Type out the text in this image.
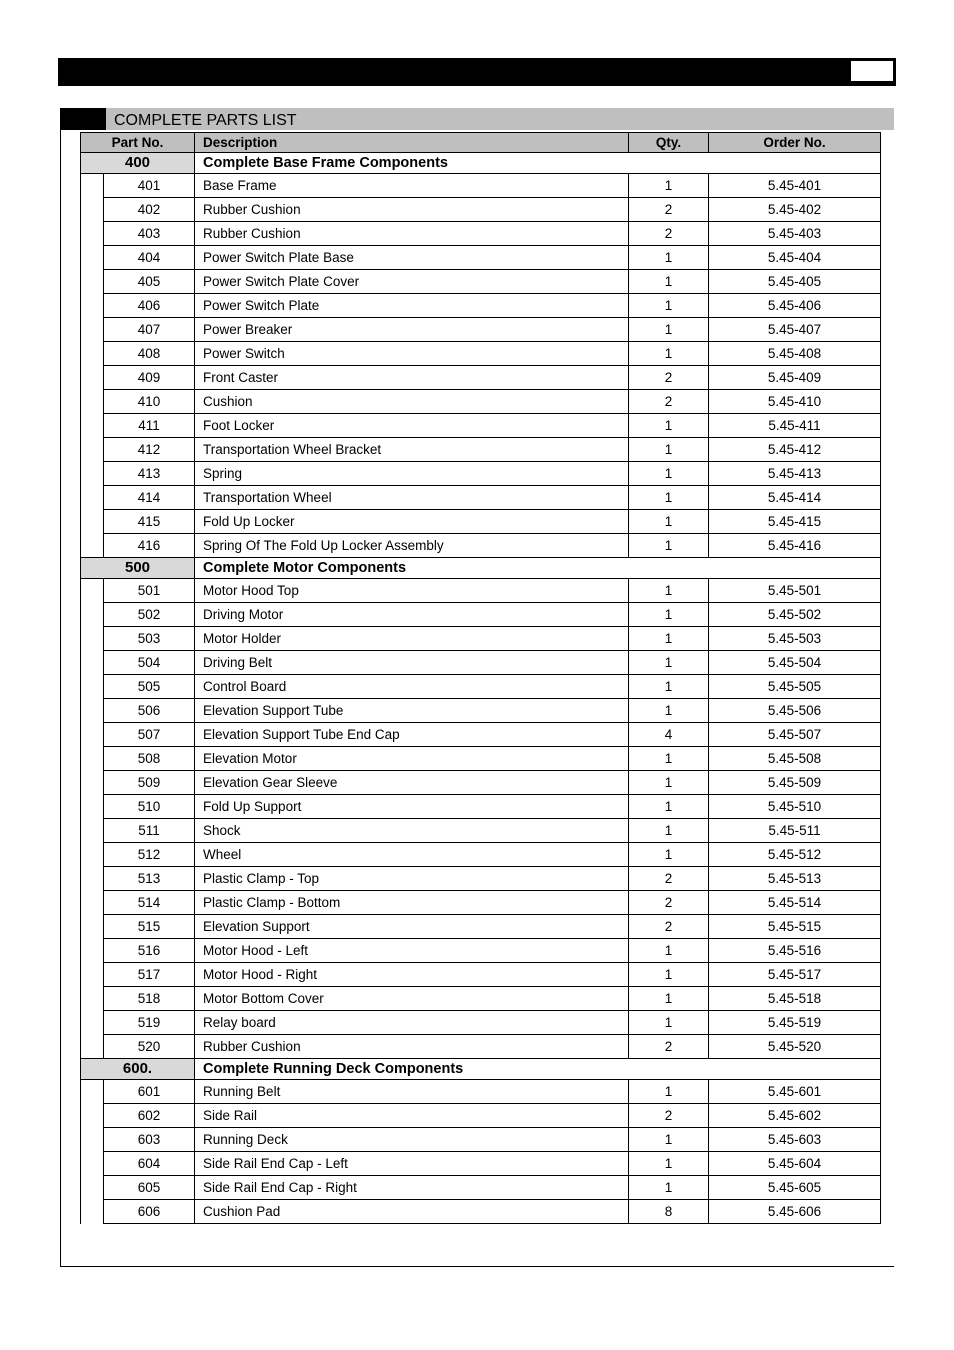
COMPLETE PARTS LIST
Part No.		Description	Qty.	Order No.
400		Complete Base Frame Components		
	401	Base Frame	1	5.45-401
	402	Rubber Cushion	2	5.45-402
	403	Rubber Cushion	2	5.45-403
	404	Power Switch Plate Base	1	5.45-404
	405	Power Switch Plate Cover	1	5.45-405
	406	Power Switch Plate	1	5.45-406
	407	Power Breaker	1	5.45-407
	408	Power Switch	1	5.45-408
	409	Front Caster	2	5.45-409
	410	Cushion	2	5.45-410
	411	Foot Locker	1	5.45-411
	412	Transportation Wheel Bracket	1	5.45-412
	413	Spring	1	5.45-413
	414	Transportation Wheel	1	5.45-414
	415	Fold Up Locker	1	5.45-415
	416	Spring Of The Fold Up Locker Assembly	1	5.45-416
500		Complete Motor Components		
	501	Motor Hood Top	1	5.45-501
	502	Driving Motor	1	5.45-502
	503	Motor Holder	1	5.45-503
	504	Driving Belt	1	5.45-504
	505	Control Board	1	5.45-505
	506	Elevation Support Tube	1	5.45-506
	507	Elevation Support Tube End Cap	4	5.45-507
	508	Elevation Motor	1	5.45-508
	509	Elevation Gear Sleeve	1	5.45-509
	510	Fold Up Support	1	5.45-510
	511	Shock	1	5.45-511
	512	Wheel	1	5.45-512
	513	Plastic Clamp - Top	2	5.45-513
	514	Plastic Clamp - Bottom	2	5.45-514
	515	Elevation Support	2	5.45-515
	516	Motor Hood - Left	1	5.45-516
	517	Motor Hood - Right	1	5.45-517
	518	Motor Bottom Cover	1	5.45-518
	519	Relay board	1	5.45-519
	520	Rubber Cushion	2	5.45-520
600.		Complete Running Deck Components		
	601	Running Belt	1	5.45-601
	602	Side Rail	2	5.45-602
	603	Running Deck	1	5.45-603
	604	Side Rail End Cap - Left	1	5.45-604
	605	Side Rail End Cap - Right	1	5.45-605
	606	Cushion Pad	8	5.45-606
